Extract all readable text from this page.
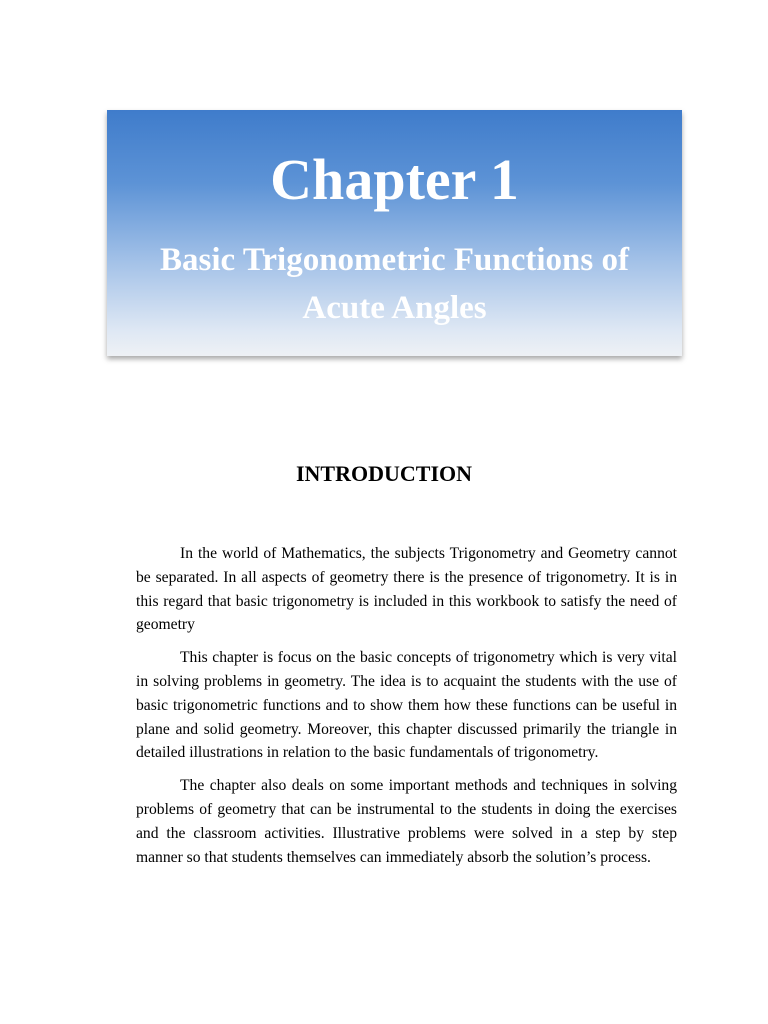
Chapter 1
Basic Trigonometric Functions of Acute Angles
INTRODUCTION

In the world of Mathematics, the subjects Trigonometry and Geometry cannot be separated. In all aspects of geometry there is the presence of trigonometry. It is in this regard that basic trigonometry is included in this workbook to satisfy the need of geometry

This chapter is focus on the basic concepts of trigonometry which is very vital in solving problems in geometry. The idea is to acquaint the students with the use of basic trigonometric functions and to show them how these functions can be useful in plane and solid geometry. Moreover, this chapter discussed primarily the triangle in detailed illustrations in relation to the basic fundamentals of trigonometry.

The chapter also deals on some important methods and techniques in solving problems of geometry that can be instrumental to the students in doing the exercises and the classroom activities. Illustrative problems were solved in a step by step manner so that students themselves can immediately absorb the solution’s process.
